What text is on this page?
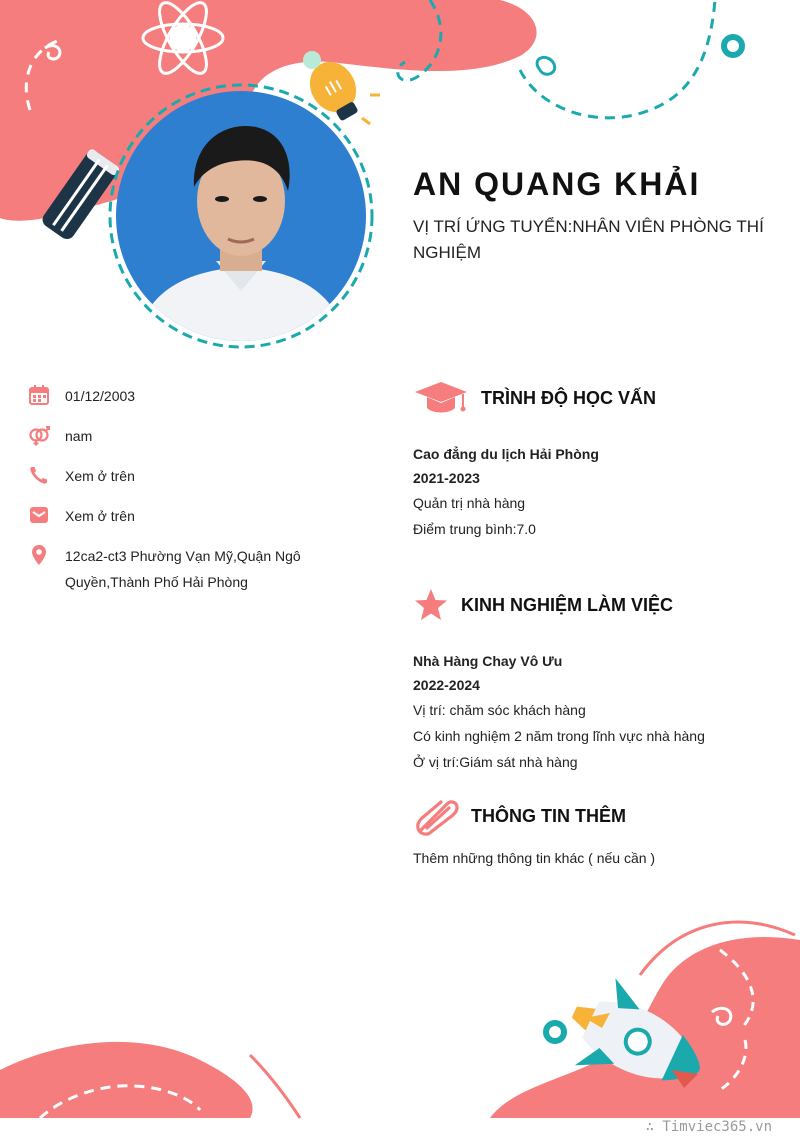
AN QUANG KHẢI
VỊ TRÍ ỨNG TUYỂN:NHÂN VIÊN PHÒNG THÍ NGHIỆM
01/12/2003
nam
Xem ở trên
Xem ở trên
12ca2-ct3 Phường Vạn Mỹ,Quận Ngô Quyền,Thành Phố Hải Phòng
TRÌNH ĐỘ HỌC VẤN
Cao đẳng du lịch Hải Phòng
2021-2023
Quản trị nhà hàng
Điểm trung bình:7.0
KINH NGHIỆM LÀM VIỆC
Nhà Hàng Chay Vô Ưu
2022-2024
Vị trí: chăm sóc khách hàng
Có kinh nghiệm 2 năm trong lĩnh vực nhà hàng
Ở vị trí:Giám sát nhà hàng
THÔNG TIN THÊM
Thêm những thông tin khác ( nếu cần )
∴ Timviec365.vn
